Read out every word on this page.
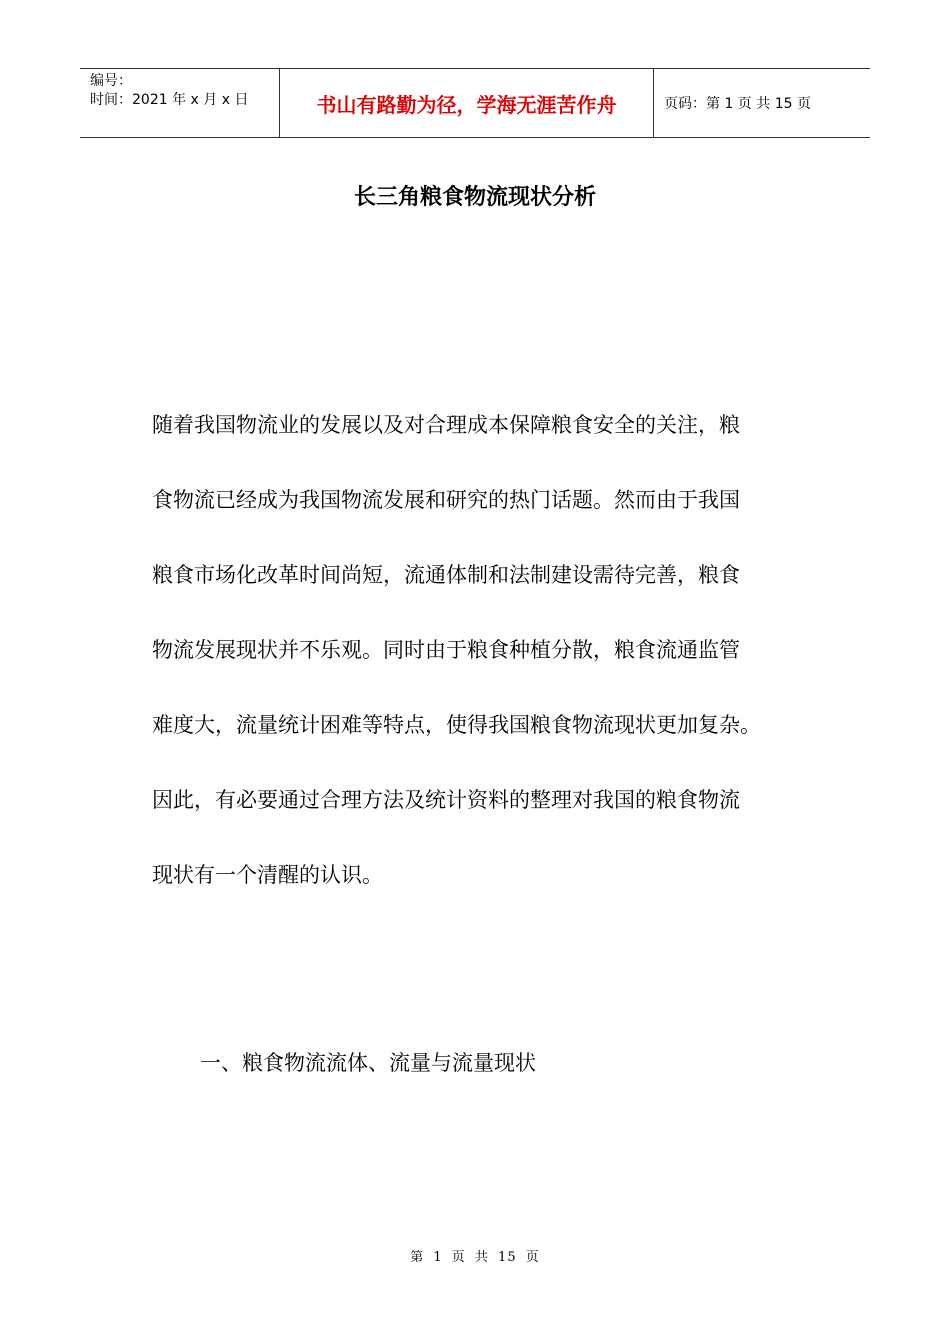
编号：
时间：2021 年 x 月 x 日	书山有路勤为径，学海无涯苦作舟	页码：第 1 页 共 15 页
长三角粮食物流现状分析
随着我国物流业的发展以及对合理成本保障粮食安全的关注，粮
食物流已经成为我国物流发展和研究的热门话题。然而由于我国
粮食市场化改革时间尚短，流通体制和法制建设需待完善，粮食
物流发展现状并不乐观。同时由于粮食种植分散，粮食流通监管
难度大，流量统计困难等特点，使得我国粮食物流现状更加复杂。
因此，有必要通过合理方法及统计资料的整理对我国的粮食物流
现状有一个清醒的认识。
一、粮食物流流体、流量与流量现状
第 1 页 共 15 页
